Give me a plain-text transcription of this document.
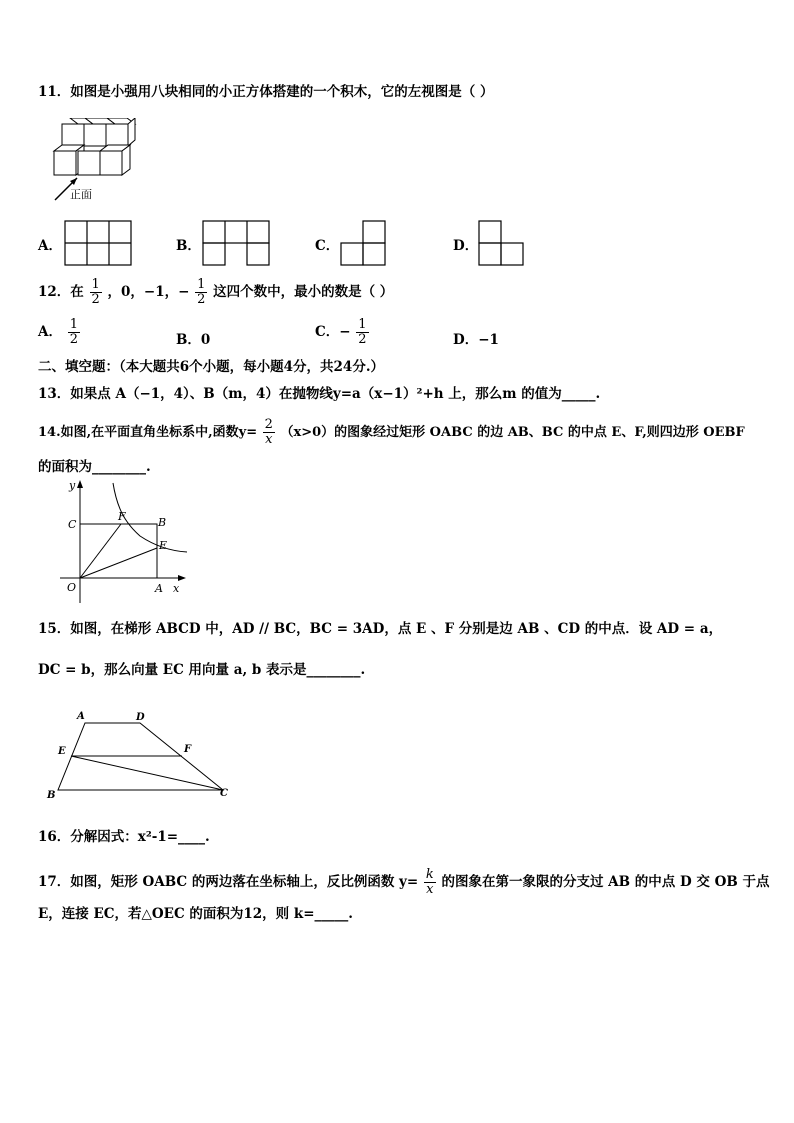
11．如图是小强用八块相同的小正方体搭建的一个积木，它的左视图是（ ）
正面
A．	B．	C．	D．
12．在 $\frac{1}{2}$ ，0，−1，− $\frac{1}{2}$ 这四个数中，最小的数是（ ）
A． $\frac{1}{2}$	B．0	C．− $\frac{1}{2}$	D．−1
二、填空题：（本大题共6个小题，每小题4分，共24分.）
13．如果点 A（−1，4）、B（m，4）在抛物线y=a（x−1）²+h 上，那么m 的值为_____.
14.如图,在平面直角坐标系中,函数$y= \frac{2}{x} (x>0)$的图象经过矩形 OABC 的边 AB、BC 的中点 E、F,则四边形 OEBF
的面积为________.
y
x
O	A
B
C
E
F
15．如图，在梯形 ABCD 中，AD // BC，BC = 3AD，点 E 、F 分别是边 AB 、CD 的中点．设 AD = a，
DC = b，那么向量 EC 用向量 a, b 表示是________.
A	D
E	F
B	C
16．分解因式：x²-1=____.
17．如图，矩形 OABC 的两边落在坐标轴上，反比例函数 $y= \frac{k}{x}$ 的图象在第一象限的分支过 AB 的中点 D 交 OB 于点
E，连接 EC，若△OEC 的面积为12，则 k=_____.
